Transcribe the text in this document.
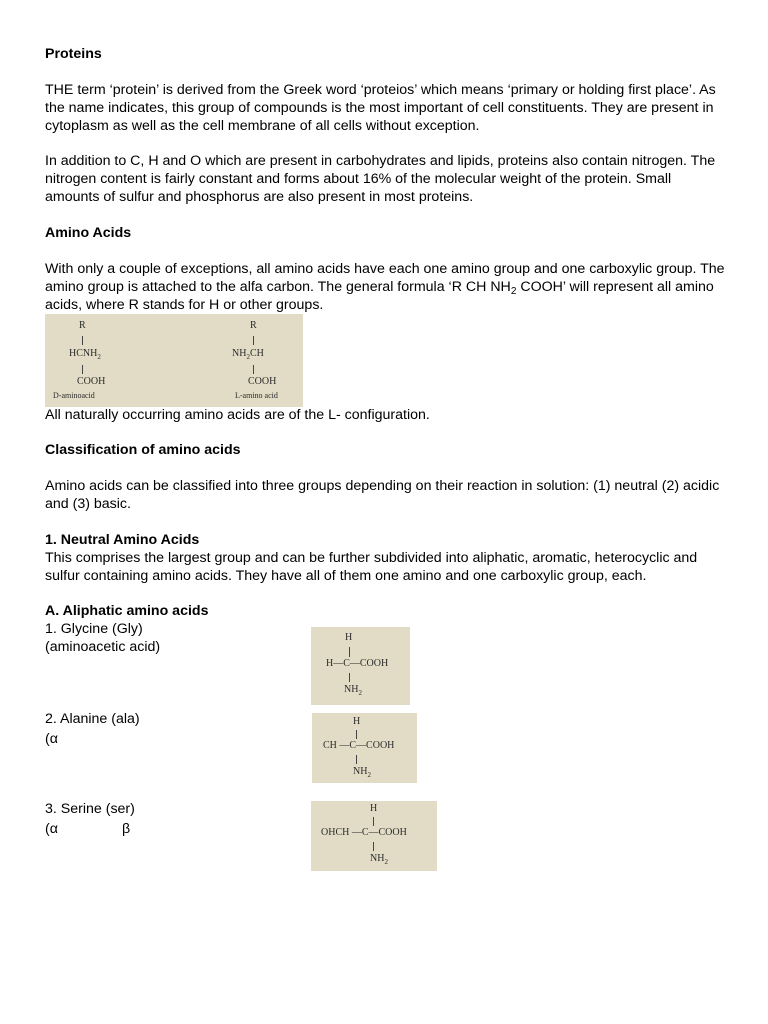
Proteins

THE term ‘protein’ is derived from the Greek word ‘proteios’ which means ‘primary or holding first place’. As the name indicates, this group of compounds is the most important of cell constituents. They are present in cytoplasm as well as the cell membrane of all cells without exception.

In addition to C, H and O which are present in carbohydrates and lipids, proteins also contain nitrogen. The nitrogen content is fairly constant and forms about 16% of the molecular weight of the protein. Small amounts of sulfur and phosphorus are also present in most proteins.

Amino Acids

With only a couple of exceptions, all amino acids have each one amino group and one carboxylic group. The amino group is attached to the alfa carbon. The general formula ‘R CH $NH_2$ COOH’ will represent all amino acids, where R stands for H or other groups.

R
$HCNH_2$
COOH
D-aminoacid
R
$NH_2CH$
COOH
L-amino acid

All naturally occurring amino acids are of the L- configuration.

Classification of amino acids

Amino acids can be classified into three groups depending on their reaction in solution: (1) neutral (2) acidic and (3) basic.

1. Neutral Amino Acids

This comprises the largest group and can be further subdivided into aliphatic, aromatic, heterocyclic and sulfur containing amino acids. They have all of them one amino and one carboxylic group, each.

A. Aliphatic amino acids

1. Glycine (Gly)

(aminoacetic acid)

H
H—C—COOH
$NH_2$

2. Alanine (ala)

(α

H
CH —C—COOH
$NH_2$

3. Serine (ser)

(α	β

H
OHCH —C—COOH
$NH_2$
